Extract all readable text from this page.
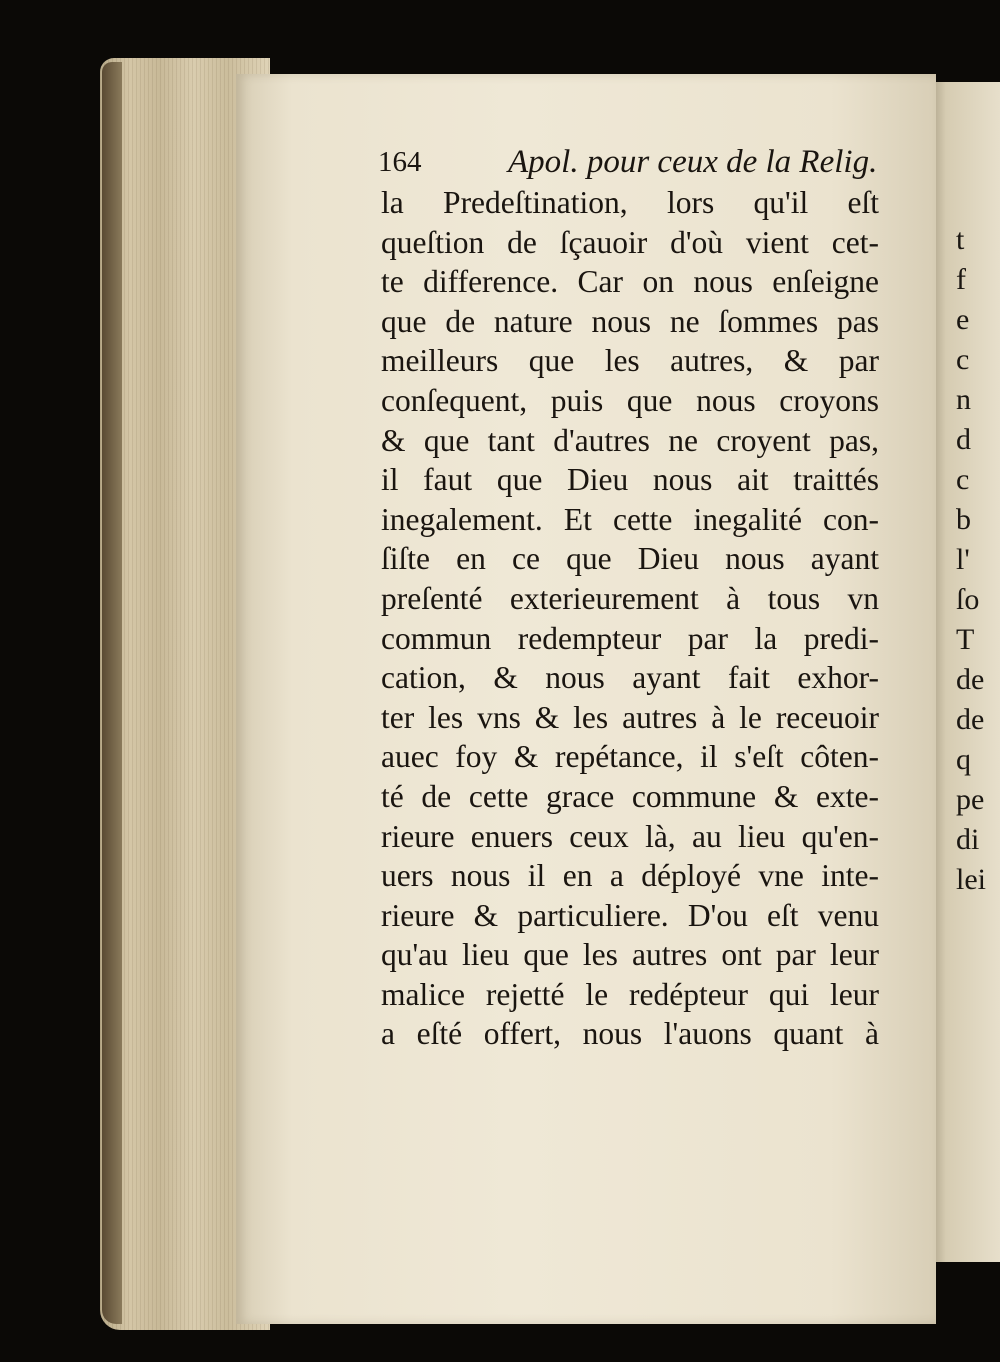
t
f
e
c
n
d
c
b
l'
ſo
T
de
de
q
pe
di
lei
164	Apol. pour ceux de la Relig.
la Predeſtination, lors qu'il eſt
queſtion de ſçauoir d'où vient cet-
te difference. Car on nous enſeigne
que de nature nous ne ſommes pas
meilleurs que les autres, & par
conſequent, puis que nous croyons
& que tant d'autres ne croyent pas,
il faut que Dieu nous ait traittés
inegalement. Et cette inegalité con-
ſiſte en ce que Dieu nous ayant
preſenté exterieurement à tous vn
commun redempteur par la predi-
cation, & nous ayant fait exhor-
ter les vns & les autres à le receuoir
auec foy & repétance, il s'eſt côten-
té de cette grace commune & exte-
rieure enuers ceux là, au lieu qu'en-
uers nous il en a déployé vne inte-
rieure & particuliere. D'ou eſt venu
qu'au lieu que les autres ont par leur
malice rejetté le redépteur qui leur
a eſté offert, nous l'auons quant à
